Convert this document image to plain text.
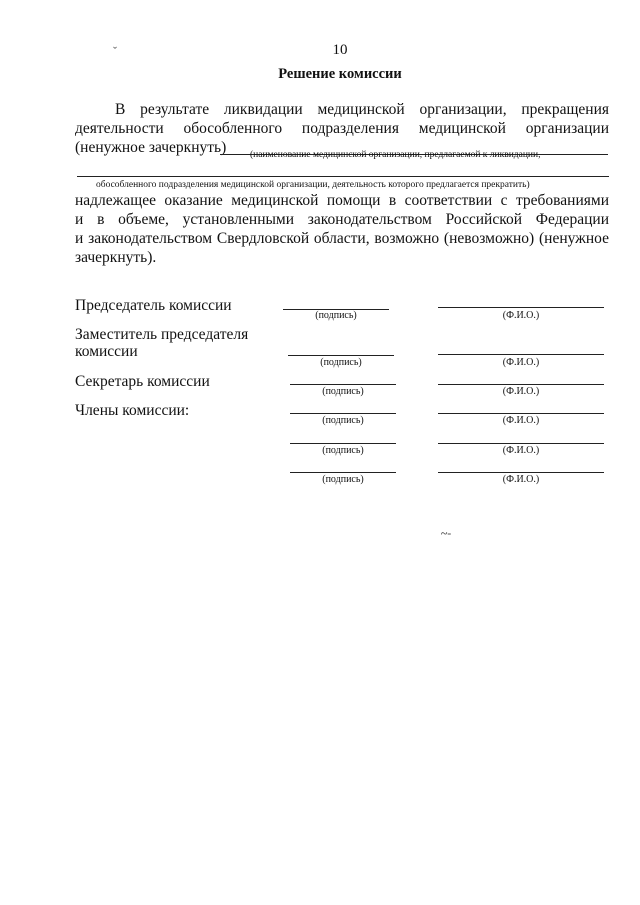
ˇ
~-
10
Решение комиссии
В результате ликвидации медицинской организации, прекращения
деятельности обособленного подразделения медицинской организации
(ненужное зачеркнуть) (наименование медицинской организации, предлагаемой к ликвидации,
обособленного подразделения медицинской организации, деятельность которого предлагается прекратить)
надлежащее оказание медицинской помощи в соответствии с требованиями
и в объеме, установленными законодательством Российской Федерации
и законодательством Свердловской области, возможно (невозможно) (ненужное
зачеркнуть).
Председатель комиссии
(подпись)	(Ф.И.О.)
Заместитель председателя
комиссии
(подпись)	(Ф.И.О.)
Секретарь комиссии
(подпись)	(Ф.И.О.)
Члены комиссии:
(подпись)	(Ф.И.О.)
(подпись)	(Ф.И.О.)
(подпись)	(Ф.И.О.)
